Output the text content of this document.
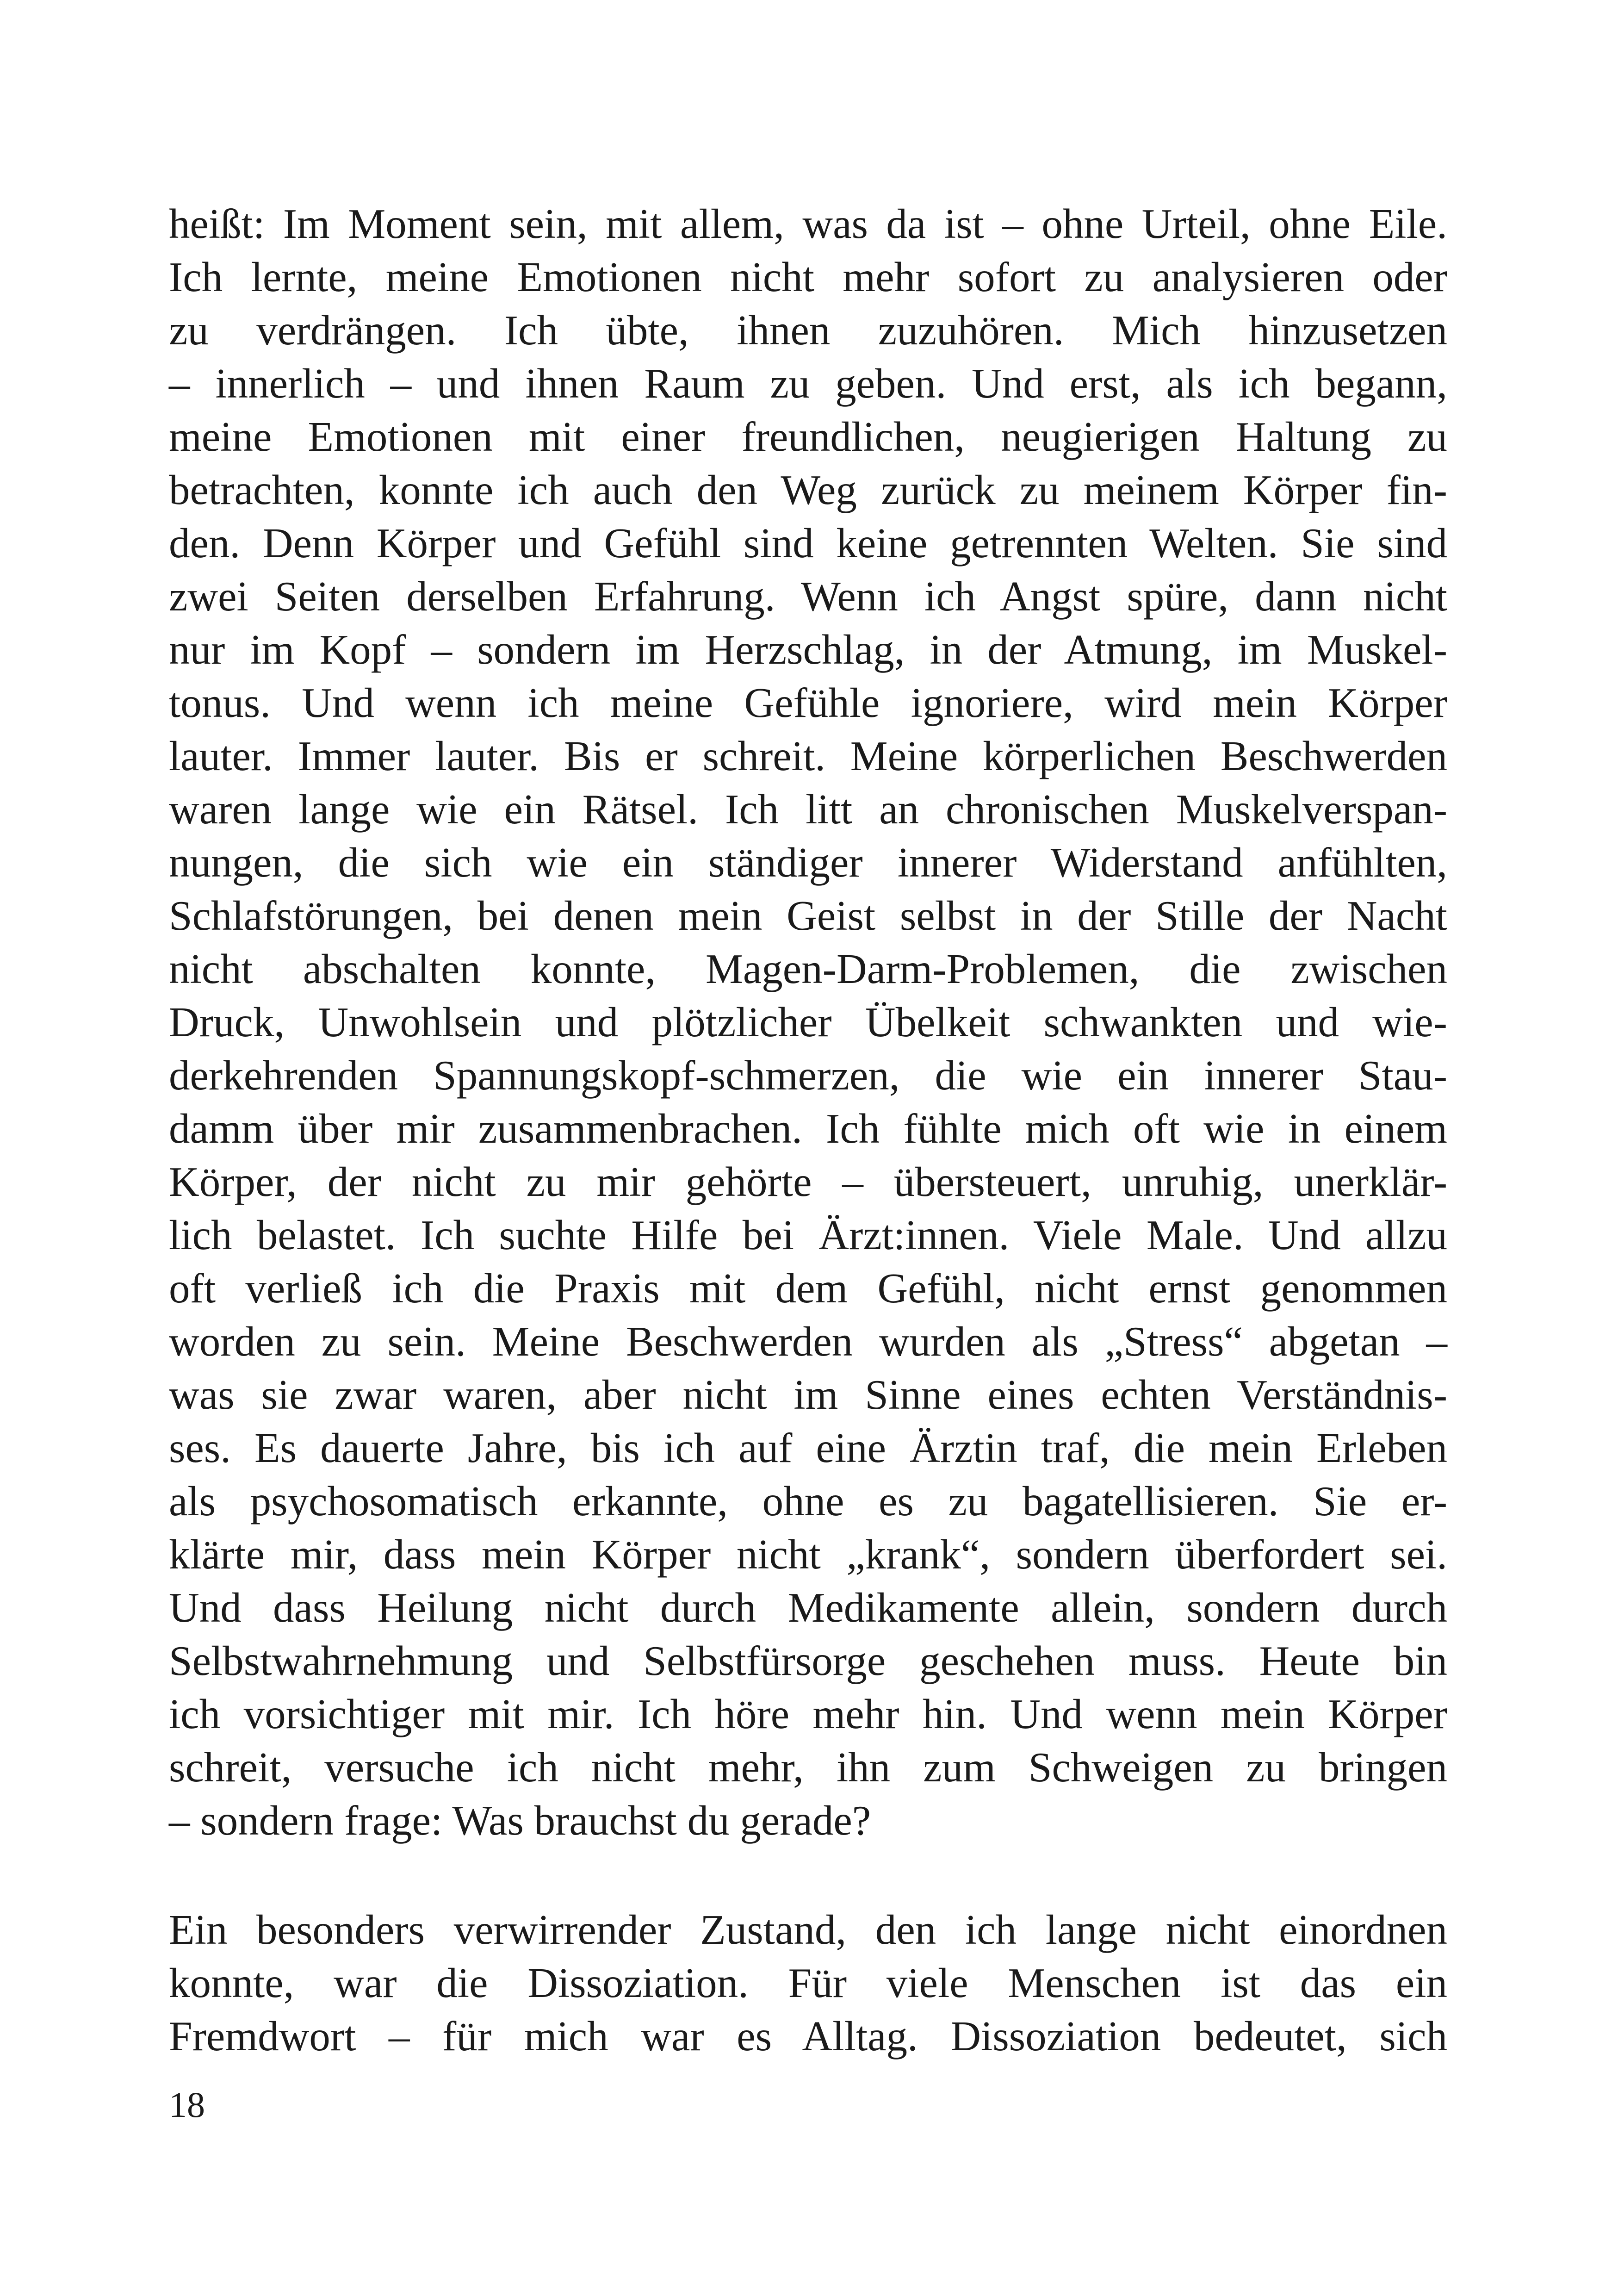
heißt: Im Moment sein, mit allem, was da ist – ohne Urteil, ohne Eile.
Ich lernte, meine Emotionen nicht mehr sofort zu analysieren oder
zu verdrängen. Ich übte, ihnen zuzuhören. Mich hinzusetzen
– innerlich – und ihnen Raum zu geben. Und erst, als ich begann,
meine Emotionen mit einer freundlichen, neugierigen Haltung zu
betrachten, konnte ich auch den Weg zurück zu meinem Körper fin-
den. Denn Körper und Gefühl sind keine getrennten Welten. Sie sind
zwei Seiten derselben Erfahrung. Wenn ich Angst spüre, dann nicht
nur im Kopf – sondern im Herzschlag, in der Atmung, im Muskel-
tonus. Und wenn ich meine Gefühle ignoriere, wird mein Körper
lauter. Immer lauter. Bis er schreit. Meine körperlichen Beschwerden
waren lange wie ein Rätsel. Ich litt an chronischen Muskelverspan-
nungen, die sich wie ein ständiger innerer Widerstand anfühlten,
Schlafstörungen, bei denen mein Geist selbst in der Stille der Nacht
nicht abschalten konnte, Magen-Darm-Problemen, die zwischen
Druck, Unwohlsein und plötzlicher Übelkeit schwankten und wie-
derkehrenden Spannungskopf-schmerzen, die wie ein innerer Stau-
damm über mir zusammenbrachen. Ich fühlte mich oft wie in einem
Körper, der nicht zu mir gehörte – übersteuert, unruhig, unerklär-
lich belastet. Ich suchte Hilfe bei Ärzt:innen. Viele Male. Und allzu
oft verließ ich die Praxis mit dem Gefühl, nicht ernst genommen
worden zu sein. Meine Beschwerden wurden als „Stress“ abgetan –
was sie zwar waren, aber nicht im Sinne eines echten Verständnis-
ses. Es dauerte Jahre, bis ich auf eine Ärztin traf, die mein Erleben
als psychosomatisch erkannte, ohne es zu bagatellisieren. Sie er-
klärte mir, dass mein Körper nicht „krank“, sondern überfordert sei.
Und dass Heilung nicht durch Medikamente allein, sondern durch
Selbstwahrnehmung und Selbstfürsorge geschehen muss. Heute bin
ich vorsichtiger mit mir. Ich höre mehr hin. Und wenn mein Körper
schreit, versuche ich nicht mehr, ihn zum Schweigen zu bringen
– sondern frage: Was brauchst du gerade?
Ein besonders verwirrender Zustand, den ich lange nicht einordnen
konnte, war die Dissoziation. Für viele Menschen ist das ein
Fremdwort – für mich war es Alltag. Dissoziation bedeutet, sich
18
